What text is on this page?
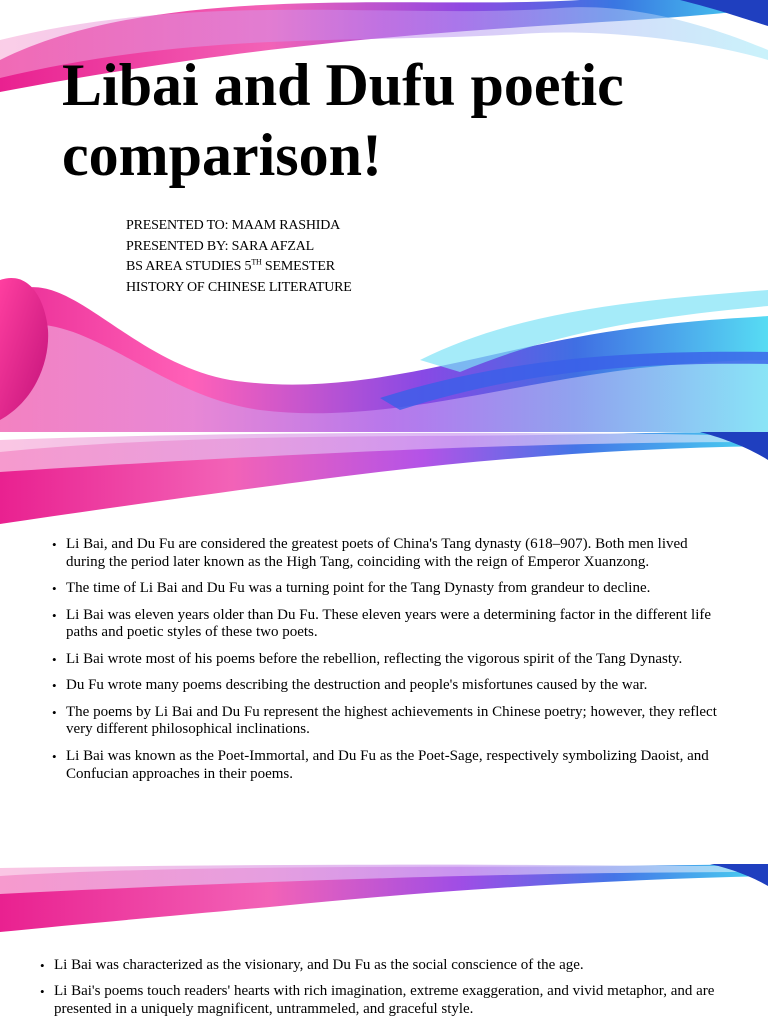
Libai and Dufu poetic
comparison!
PRESENTED TO: MAAM RASHIDA
PRESENTED BY: SARA AFZAL
BS AREA STUDIES 5TH SEMESTER
HISTORY OF CHINESE LITERATURE
• Li Bai, and Du Fu are considered the greatest poets of China's Tang dynasty (618–907). Both men lived during the period later known as the High Tang, coinciding with the reign of Emperor Xuanzong.
• The time of Li Bai and Du Fu was a turning point for the Tang Dynasty from grandeur to decline.
• Li Bai was eleven years older than Du Fu. These eleven years were a determining factor in the different life paths and poetic styles of these two poets.
• Li Bai wrote most of his poems before the rebellion, reflecting the vigorous spirit of the Tang Dynasty.
• Du Fu wrote many poems describing the destruction and people's misfortunes caused by the war.
• The poems by Li Bai and Du Fu represent the highest achievements in Chinese poetry; however, they reflect very different philosophical inclinations.
• Li Bai was known as the Poet-Immortal, and Du Fu as the Poet-Sage, respectively symbolizing Daoist, and Confucian approaches in their poems.
• Li Bai was characterized as the visionary, and Du Fu as the social conscience of the age.
• Li Bai's poems touch readers' hearts with rich imagination, extreme exaggeration, and vivid metaphor, and are presented in a uniquely magnificent, untrammeled, and graceful style.
